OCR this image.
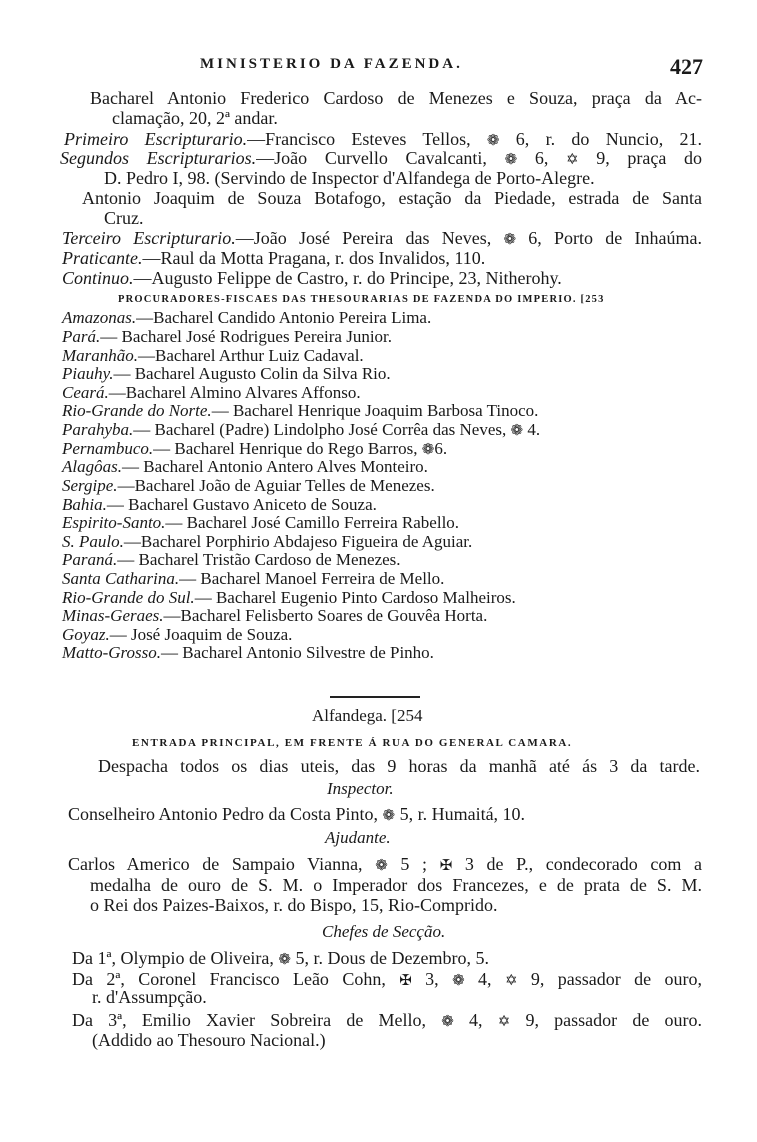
MINISTERIO DA FAZENDA.	427
Bacharel Antonio Frederico Cardoso de Menezes e Souza, praça da Ac-
clamação, 20, 2ª andar.
Primeiro Escripturario.—Francisco Esteves Tellos, ❁ 6, r. do Nuncio, 21.
Segundos Escripturarios.—João Curvello Cavalcanti, ❁ 6, ✡ 9, praça do
D. Pedro I, 98. (Servindo de Inspector d'Alfandega de Porto-Alegre.
Antonio Joaquim de Souza Botafogo, estação da Piedade, estrada de Santa
Cruz.
Terceiro Escripturario.—João José Pereira das Neves, ❁ 6, Porto de Inhaúma.
Praticante.—Raul da Motta Pragana, r. dos Invalidos, 110.
Continuo.—Augusto Felippe de Castro, r. do Principe, 23, Nitherohy.
PROCURADORES-FISCAES DAS THESOURARIAS DE FAZENDA DO IMPERIO. [253
Amazonas.—Bacharel Candido Antonio Pereira Lima.
Pará.— Bacharel José Rodrigues Pereira Junior.
Maranhão.—Bacharel Arthur Luiz Cadaval.
Piauhy.— Bacharel Augusto Colin da Silva Rio.
Ceará.—Bacharel Almino Alvares Affonso.
Rio-Grande do Norte.— Bacharel Henrique Joaquim Barbosa Tinoco.
Parahyba.— Bacharel (Padre) Lindolpho José Corrêa das Neves, ❁ 4.
Pernambuco.— Bacharel Henrique do Rego Barros, ❁6.
Alagôas.— Bacharel Antonio Antero Alves Monteiro.
Sergipe.—Bacharel João de Aguiar Telles de Menezes.
Bahia.— Bacharel Gustavo Aniceto de Souza.
Espirito-Santo.— Bacharel José Camillo Ferreira Rabello.
S. Paulo.—Bacharel Porphirio Abdajeso Figueira de Aguiar.
Paraná.— Bacharel Tristão Cardoso de Menezes.
Santa Catharina.— Bacharel Manoel Ferreira de Mello.
Rio-Grande do Sul.— Bacharel Eugenio Pinto Cardoso Malheiros.
Minas-Geraes.—Bacharel Felisberto Soares de Gouvêa Horta.
Goyaz.— José Joaquim de Souza.
Matto-Grosso.— Bacharel Antonio Silvestre de Pinho.
Alfandega. [254
ENTRADA PRINCIPAL, EM FRENTE Á RUA DO GENERAL CAMARA.
Despacha todos os dias uteis, das 9 horas da manhã até ás 3 da tarde.
Inspector.
Conselheiro Antonio Pedro da Costa Pinto, ❁ 5, r. Humaitá, 10.
Ajudante.
Carlos Americo de Sampaio Vianna, ❁ 5 ; ✠ 3 de P., condecorado com a
medalha de ouro de S. M. o Imperador dos Francezes, e de prata de S. M.
o Rei dos Paizes-Baixos, r. do Bispo, 15, Rio-Comprido.
Chefes de Secção.
Da 1ª, Olympio de Oliveira, ❁ 5, r. Dous de Dezembro, 5.
Da 2ª, Coronel Francisco Leão Cohn, ✠ 3, ❁ 4, ✡ 9, passador de ouro,
r. d'Assumpção.
Da 3ª, Emilio Xavier Sobreira de Mello, ❁ 4, ✡ 9, passador de ouro.
(Addido ao Thesouro Nacional.)
